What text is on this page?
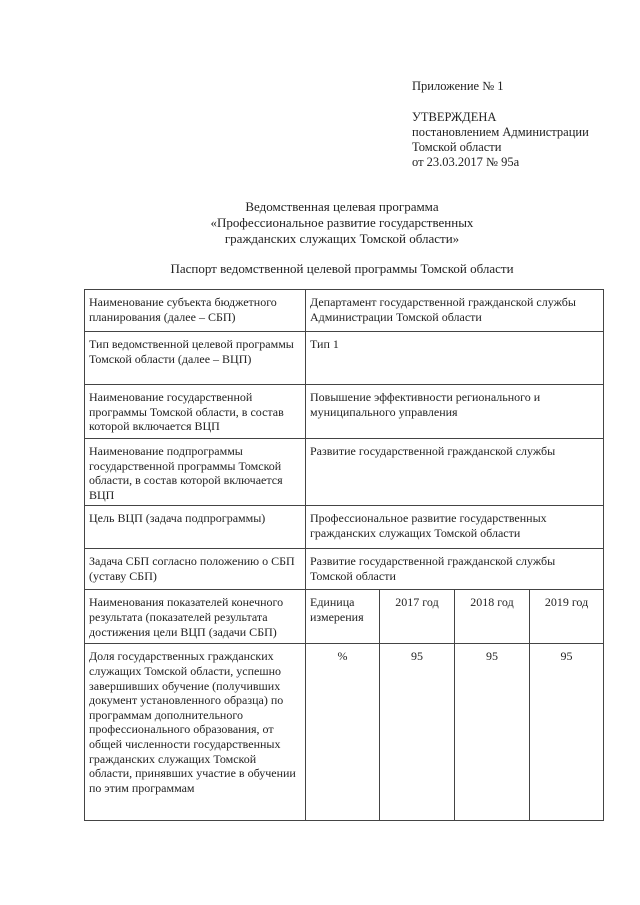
Приложение № 1
УТВЕРЖДЕНА
постановлением Администрации
Томской области
от 23.03.2017 № 95а
Ведомственная целевая программа
«Профессиональное развитие государственных
гражданских служащих Томской области»
Паспорт ведомственной целевой программы Томской области
Наименование субъекта бюджетного планирования (далее – СБП)	Департамент государственной гражданской службы Администрации Томской области			
Тип ведомственной целевой программы Томской области (далее – ВЦП)	Тип 1			
Наименование государственной программы Томской области, в состав которой включается ВЦП	Повышение эффективности регионального и муниципального управления			
Наименование подпрограммы государственной программы Томской области, в состав которой включается ВЦП	Развитие государственной гражданской службы			
Цель ВЦП (задача подпрограммы)	Профессиональное развитие государственных гражданских служащих Томской области			
Задача СБП согласно положению о СБП (уставу СБП)	Развитие государственной гражданской службы Томской области			
Наименования показателей конечного результата (показателей результата достижения цели ВЦП (задачи СБП)	Единица измерения	2017 год	2018 год	2019 год
Доля государственных гражданских служащих Томской области, успешно завершивших обучение (получивших документ установленного образца) по программам дополнительного профессионального образования, от общей численности государственных гражданских служащих Томской области, принявших участие в обучении по этим программам	%	95	95	95
